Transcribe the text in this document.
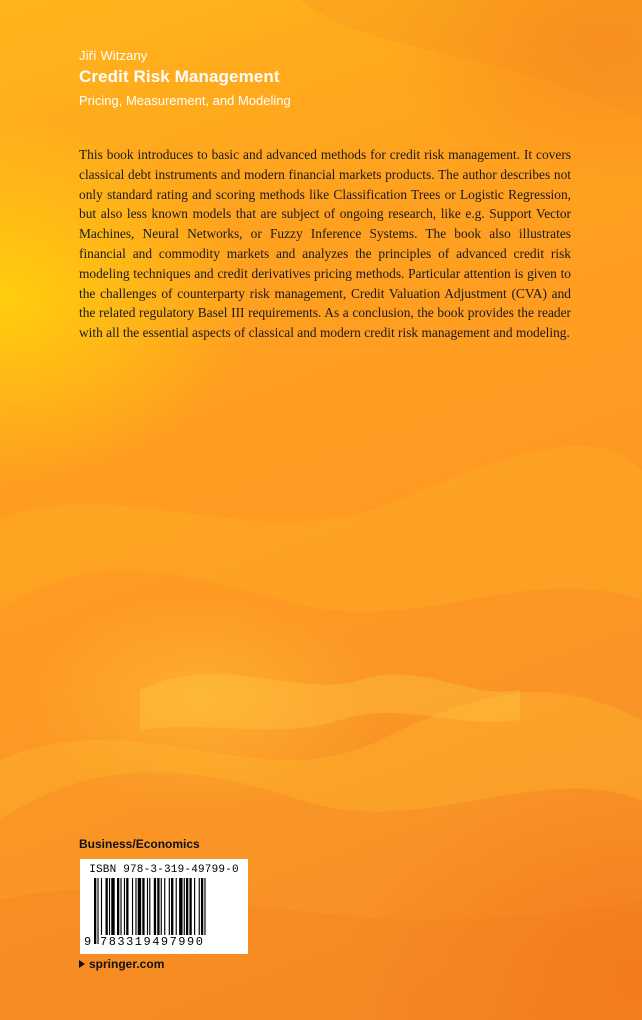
Jiří Witzany
Credit Risk Management
Pricing, Measurement, and Modeling

This book introduces to basic and advanced methods for credit risk management. It covers classical debt instruments and modern financial markets products. The author describes not only standard rating and scoring methods like Classification Trees or Logistic Regression, but also less known models that are subject of ongoing research, like e.g. Support Vector Machines, Neural Networks, or Fuzzy Inference Systems. The book also illustrates financial and commodity markets and analyzes the principles of advanced credit risk modeling techniques and credit derivatives pricing methods. Particular attention is given to the challenges of counterparty risk management, Credit Valuation Adjustment (CVA) and the related regulatory Basel III requirements. As a conclusion, the book provides the reader with all the essential aspects of classical and modern credit risk management and modeling.

Business/Economics
ISBN 978-3-319-49799-0
9 783319497990
springer.com
